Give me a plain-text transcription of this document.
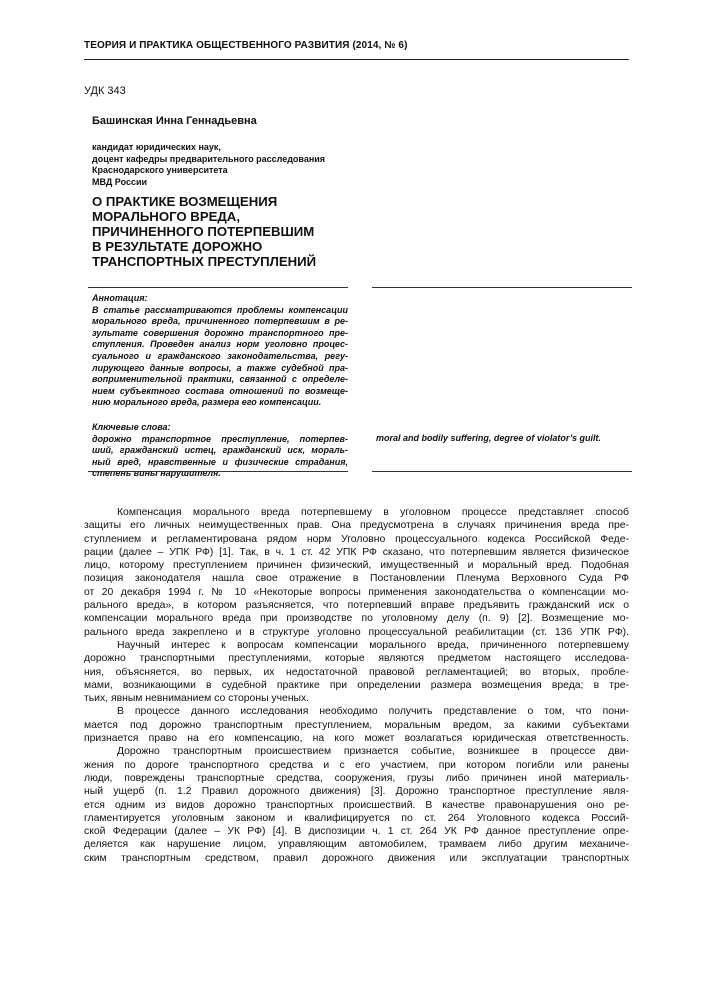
ТЕОРИЯ И ПРАКТИКА ОБЩЕСТВЕННОГО РАЗВИТИЯ (2014, № 6)
УДК 343
Башинская Инна Геннадьевна
кандидат юридических наук,
доцент кафедры предварительного расследования
Краснодарского университета
МВД России
О ПРАКТИКЕ ВОЗМЕЩЕНИЯ
МОРАЛЬНОГО ВРЕДА,
ПРИЧИНЕННОГО ПОТЕРПЕВШИМ
В РЕЗУЛЬТАТЕ ДОРОЖНО
ТРАНСПОРТНЫХ ПРЕСТУПЛЕНИЙ
Аннотация:
В статье рассматриваются проблемы компенсации
морального вреда, причиненного потерпевшим в ре-
зультате совершения дорожно транспортного пре-
ступления. Проведен анализ норм уголовно процес-
суального и гражданского законодательства, регу-
лирующего данные вопросы, а также судебной пра-
воприменительной практики, связанной с определе-
нием субъектного состава отношений по возмеще-
нию морального вреда, размера его компенсации.
Ключевые слова:
дорожно транспортное преступление, потерпев-
ший, гражданский истец, гражданский иск, мораль-
ный вред, нравственные и физические страдания,
степень вины нарушителя.
moral and bodily suffering, degree of violator’s guilt.
Компенсация морального вреда потерпевшему в уголовном процессе представляет способ
защиты его личных неимущественных прав. Она предусмотрена в случаях причинения вреда пре-
ступлением и регламентирована рядом норм Уголовно процессуального кодекса Российской Феде-
рации (далее – УПК РФ) [1]. Так, в ч. 1 ст. 42 УПК РФ сказано, что потерпевшим является физическое
лицо, которому преступлением причинен физический, имущественный и моральный вред. Подобная
позиция законодателя нашла свое отражение в Постановлении Пленума Верховного Суда РФ
от 20 декабря 1994 г. № 10 «Некоторые вопросы применения законодательства о компенсации мо-
рального вреда», в котором разъясняется, что потерпевший вправе предъявить гражданский иск о
компенсации морального вреда при производстве по уголовному делу (п. 9) [2]. Возмещение мо-
рального вреда закреплено и в структуре уголовно процессуальной реабилитации (ст. 136 УПК РФ).
Научный интерес к вопросам компенсации морального вреда, причиненного потерпевшему
дорожно транспортными преступлениями, которые являются предметом настоящего исследова-
ния, объясняется, во первых, их недостаточной правовой регламентацией; во вторых, пробле-
мами, возникающими в судебной практике при определении размера возмещения вреда; в тре-
тьих, явным невниманием со стороны ученых.
В процессе данного исследования необходимо получить представление о том, что пони-
мается под дорожно транспортным преступлением, моральным вредом, за какими субъектами
признается право на его компенсацию, на кого может возлагаться юридическая ответственность.
Дорожно транспортным происшествием признается событие, возникшее в процессе дви-
жения по дороге транспортного средства и с его участием, при котором погибли или ранены
люди, повреждены транспортные средства, сооружения, грузы либо причинен иной материаль-
ный ущерб (п. 1.2 Правил дорожного движения) [3]. Дорожно транспортное преступление явля-
ется одним из видов дорожно транспортных происшествий. В качестве правонарушения оно ре-
гламентируется уголовным законом и квалифицируется по ст. 264 Уголовного кодекса Россий-
ской Федерации (далее – УК РФ) [4]. В диспозиции ч. 1 ст. 264 УК РФ данное преступление опре-
деляется как нарушение лицом, управляющим автомобилем, трамваем либо другим механиче-
ским транспортным средством, правил дорожного движения или эксплуатации транспортных
